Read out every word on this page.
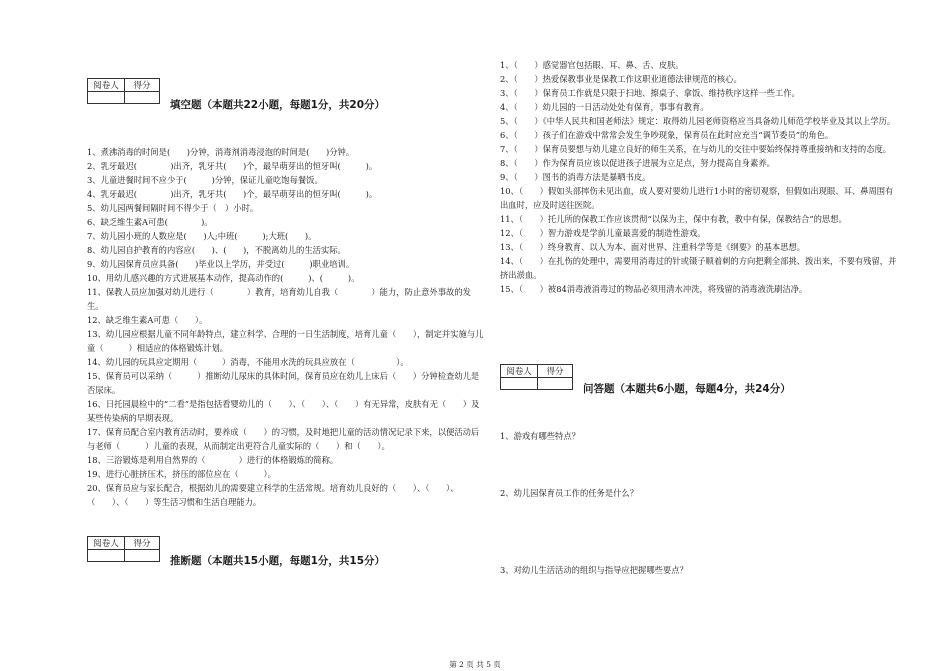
阅卷人	得分

填空题（本题共22小题，每题1分，共20分）

1、煮沸消毒的时间是(　　)分钟，消毒剂消毒浸泡的时间是(　　)分钟。

2、乳牙最迟(　　　　)出齐，乳牙共(　　)个，最早萌芽出的恒牙叫(　　　)。

3、儿童进餐时间不应少于(　　　)分钟，保证儿童吃饱每餐饭。

4、乳牙最迟(　　　　)出齐，乳牙共(　　)个，最早萌芽出的恒牙叫(　　　)。

5、幼儿园两餐间隔时间不得少于（　）小时。

6、缺乏维生素A可患(　　　　)。

7、幼儿园小班的人数应是(　　)人;中班(　　　);大班(　　)。

8、幼儿园自护教育的内容应(　　)、(　　)，不脱离幼儿的生活实际。

9、幼儿园保育员应具备(　　)毕业以上学历，并受过(　　　)职业培训。

10、用幼儿感兴趣的方式进展基本动作，提高动作的(　　　)、(　　　)。

11、保教人员应加强对幼儿进行（　　　　）教育，培育幼儿自我（　　　　）能力，防止意外事故的发生。

12、缺乏维生素A可患（　　）。

13、幼儿园应根据儿童不同年龄特点，建立科学、合理的一日生活制度，培育儿童（　　），制定并实施与儿童（　　　）相适应的体格锻炼计划。

14、幼儿园的玩具应定期用（　　　）消毒，不能用水洗的玩具应放在（　　　　　）。

15、保育员可以采纳（　　　）推断幼儿尿床的具体时间，保育员应在幼儿上床后（　　）分钟检查幼儿是否尿床。

16、日托园晨检中的“二看”是指包括看婴幼儿的（　　）、（　　）、（　　）有无异常，皮肤有无（　　）及某些传染病的早期表现。

17、保育员配合室内教育活动时，要养成（　　）的习惯，及时地把儿童的活动情况记录下来，以便活动后与老师（　　　）儿童的表现，从而制定出更符合儿童实际的（　　）和（　　）。

18、三浴锻炼是利用自然界的（　　　　）进行的体格锻炼的简称。

19、进行心脏挤压术，挤压的部位应在（　　　）。

20、保育员应与家长配合，根据幼儿的需要建立科学的生活常规。培育幼儿良好的（　　）、（　　）、（　　）、（　　）等生活习惯和生活自理能力。

阅卷人	得分

推断题（本题共15小题，每题1分，共15分）

1、（　　）感觉器官包括眼、耳、鼻、舌、皮肤。

2、（　　）热爱保教事业是保教工作这职业道德法律规范的核心。

3、（　　）保育员工作就是只限于扫地、擦桌子、拿饭、维持秩序这样一些工作。

4、（　　）幼儿园的一日活动处处有保育，事事有教育。

5、（　　）《中华人民共和国老师法》规定：取得幼儿园老师资格应当具备幼儿师范学校毕业及其以上学历。

6、（　　）孩子们在游戏中常常会发生争吵现象，保育员在此时应充当“调节委员”的角色。

7、（　　）保育员要想与幼儿建立良好的师生关系，在与幼儿的交往中要始终保持尊重接纳和支持的态度。

8、（　　）作为保育员应该以促进孩子进展为立足点，努力提高自身素养。

9、（　　）图书的消毒方法是暴晒书皮。

10、（　　）假如头部摔伤未见出血，成人要对要幼儿进行1小时的密切观察，但假如出现眼、耳、鼻周围有出血时，应及时送往医院。

11、（　　）托儿所的保教工作应该贯彻“以保为主，保中有教，教中有保，保教结合”的思想。

12、（　　）智力游戏是学前儿童最喜爱的制造性游戏。

13、（　　）终身教育、以人为本、面对世界、注重科学等是《纲要》的基本思想。

14、（　　）在扎伤的处理中，需要用消毒过的针或镊子顺着刺的方向把剩全部挑、拨出来，不要有残留，并挤出淤血。

15、（　　）被84消毒液消毒过的物品必须用清水冲洗，将残留的消毒液洗刷洁净。

阅卷人	得分

问答题（本题共6小题，每题4分，共24分）
1、游戏有哪些特点？
2、幼儿园保育员工作的任务是什么？
3、对幼儿生活活动的组织与指导应把握哪些要点？
第 2 页 共 5 页
